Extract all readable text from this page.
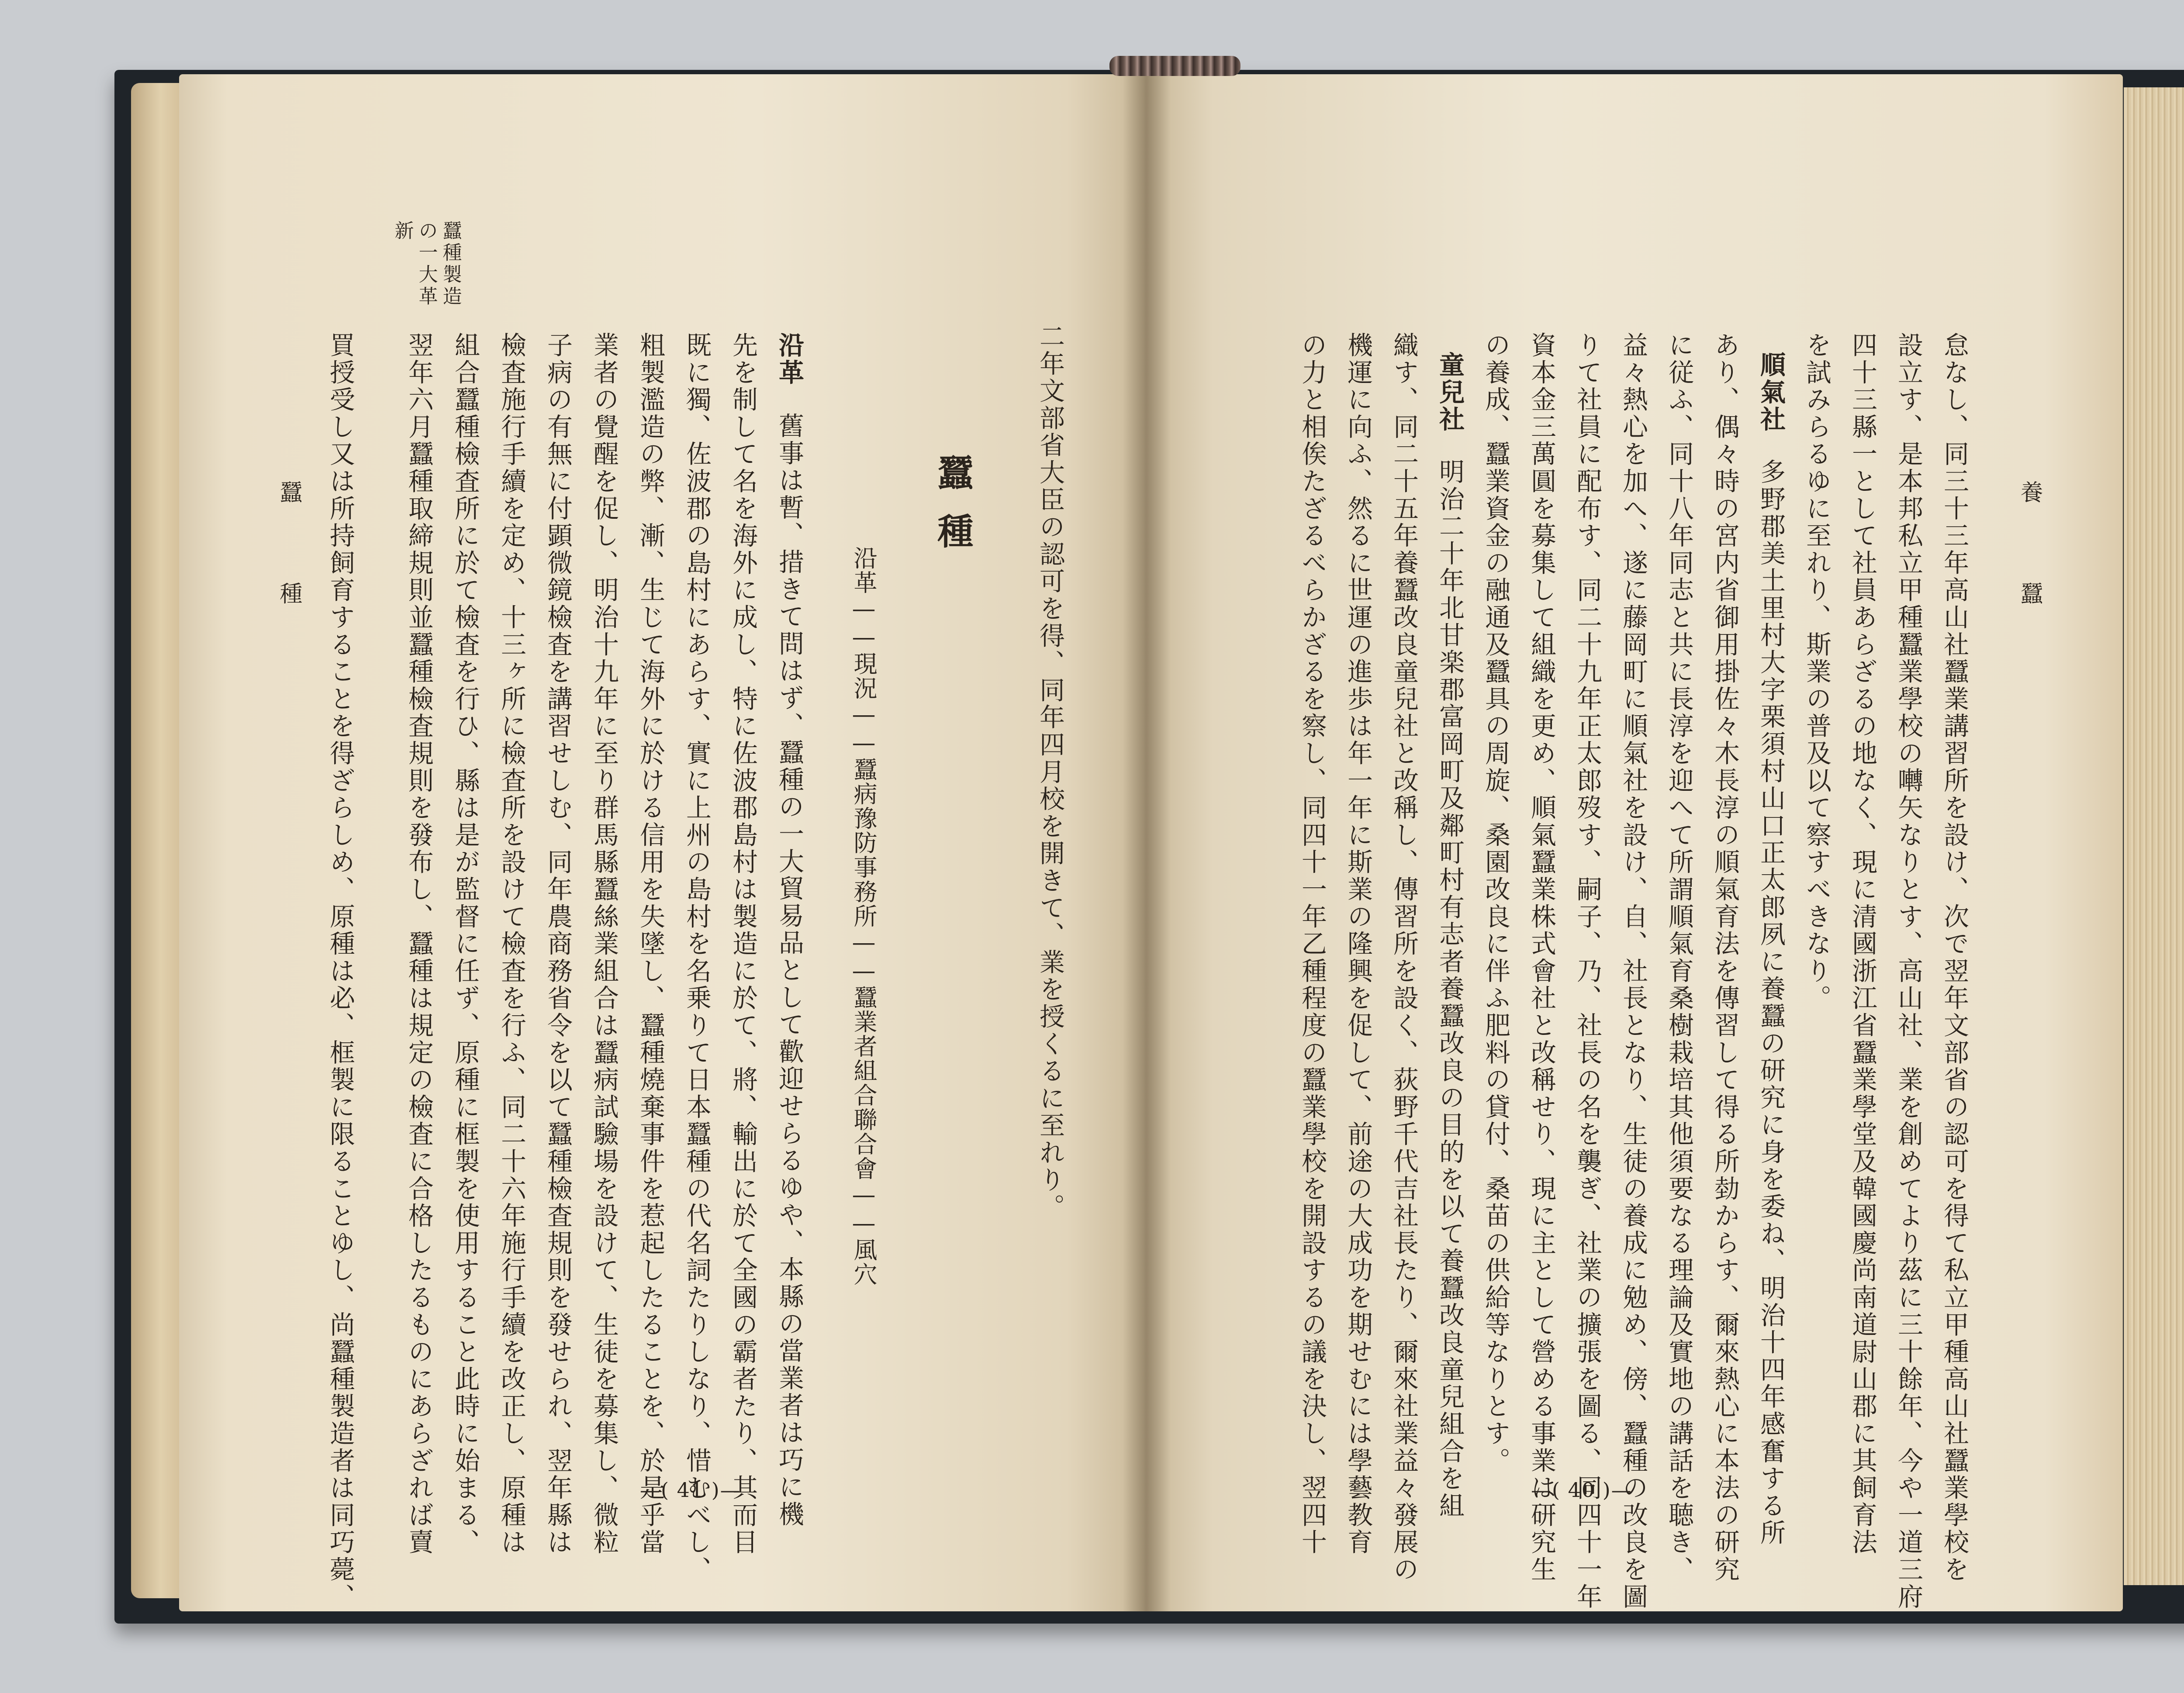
蠶種製造
の一大革
新
二年文部省大臣の認可を得、同年四月校を開きて、業を授くるに至れり。
蠶種
沿革——現況——蠶病豫防事務所——蠶業者組合聯合會——風穴
沿革
舊事は暫、措きて問はず、蠶種の一大貿易品として歡迎せらるゆや、本縣の當業者は巧に機
先を制して名を海外に成し、特に佐波郡島村は製造に於て、將、輸出に於て全國の霸者たり、其而目
既に獨、佐波郡の島村にあらす、實に上州の島村を名乗りて日本蠶種の代名詞たりしなり、惜むべし、
粗製濫造の弊、漸、生じて海外に於ける信用を失墜し、蠶種燒棄事件を惹起したることを、於是乎當
業者の覺醒を促し、明治十九年に至り群馬縣蠶絲業組合は蠶病試驗場を設けて、生徒を募集し、微粒
子病の有無に付顕微鏡檢査を講習せしむ、同年農商務省令を以て蠶種檢査規則を發せられ、翌年縣は
檢査施行手續を定め、十三ヶ所に檢査所を設けて檢査を行ふ、同二十六年施行手續を改正し、原種は
組合蠶種檢査所に於て檢査を行ひ、縣は是が監督に任ず、原種に框製を使用すること此時に始まる、
翌年六月蠶種取締規則並蠶種檢査規則を發布し、蠶種は規定の檢査に合格したるものにあらざれば賣
買授受し又は所持飼育することを得ざらしめ、原種は必、框製に限ることゆし、尚蠶種製造者は同巧薨、
蠶 種
—( 41 )—
養 蠶
怠なし、同三十三年高山社蠶業講習所を設け、次で翌年文部省の認可を得て私立甲種高山社蠶業學校を
設立す、是本邦私立甲種蠶業學校の囀矢なりとす、高山社、業を創めてより茲に三十餘年、今や一道三府
四十三縣一として社員あらざるの地なく、現に清國浙江省蠶業學堂及韓國慶尚南道尉山郡に其飼育法
を試みらるゆに至れり、斯業の普及以て察すべきなり。
順氣社
多野郡美土里村大字栗須村山口正太郎夙に養蠶の研究に身を委ね、明治十四年感奮する所
あり、偶々時の宮内省御用掛佐々木長淳の順氣育法を傳習して得る所勎からす、爾來熱心に本法の研究
に従ふ、同十八年同志と共に長淳を迎へて所謂順氣育桑樹栽培其他須要なる理論及實地の講話を聴き、
益々熱心を加へ、遂に藤岡町に順氣社を設け、自、社長となり、生徒の養成に勉め、傍、蠶種の改良を圖
りて社員に配布す、同二十九年正太郎歿す、嗣子、乃、社長の名を襲ぎ、社業の擴張を圖る、同四十一年
資本金三萬圓を募集して組織を更め、順氣蠶業株式會社と改稱せり、現に主として營める事業は研究生
の養成、蠶業資金の融通及蠶具の周旋、桑園改良に伴ふ肥料の貸付、桑苗の供給等なりとす。
童兒社
明治二十年北甘楽郡富岡町及鄰町村有志者養蠶改良の目的を以て養蠶改良童兒組合を組
織す、同二十五年養蠶改良童兒社と改稱し、傳習所を設く、荻野千代吉社長たり、爾來社業益々發展の
機運に向ふ、然るに世運の進歩は年一年に斯業の隆興を促して、前途の大成功を期せむには學藝教育
の力と相俟たざるべらかざるを察し、同四十一年乙種程度の蠶業學校を開設するの議を決し、翌四十	—( 40 )—
